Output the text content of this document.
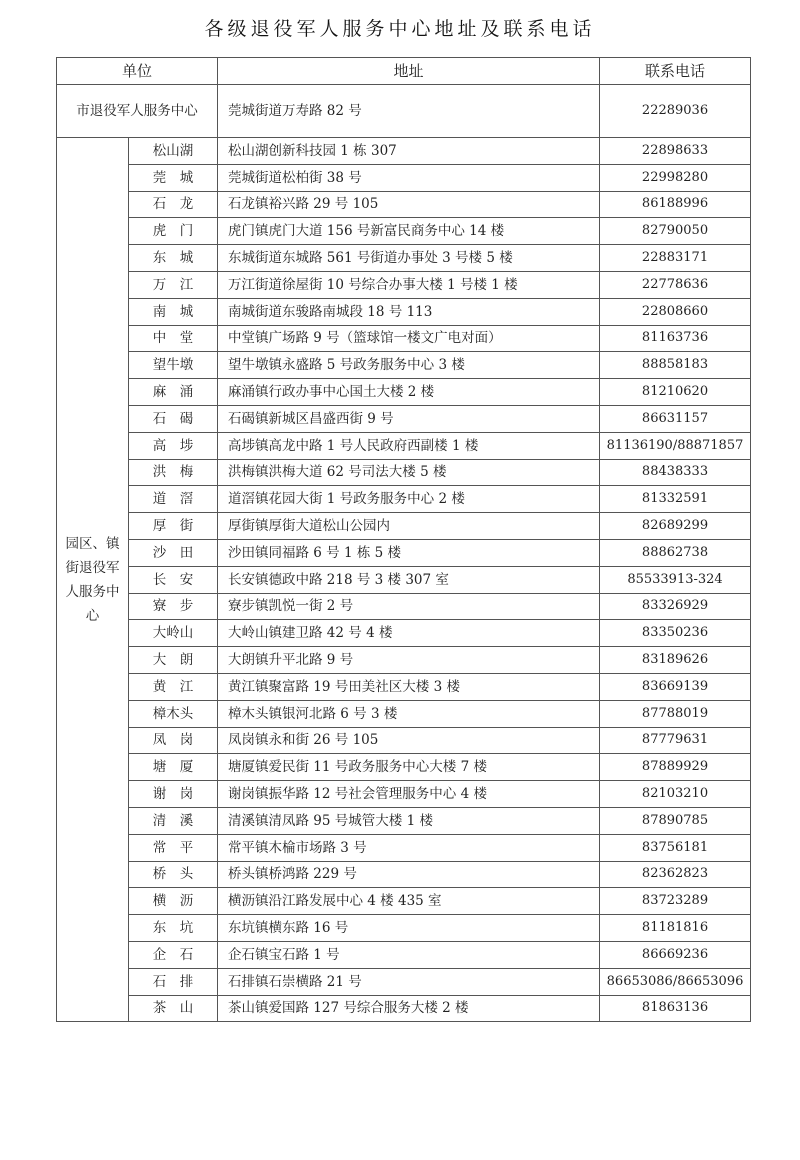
各级退役军人服务中心地址及联系电话
单位		地址	联系电话
市退役军人服务中心		莞城街道万寿路 82 号	22289036
园区、镇街退役军人服务中心	松山湖	松山湖创新科技园 1 栋 307	22898633
	莞　城	莞城街道松柏街 38 号	22998280
	石　龙	石龙镇裕兴路 29 号 105	86188996
	虎　门	虎门镇虎门大道 156 号新富民商务中心 14 楼	82790050
	东　城	东城街道东城路 561 号街道办事处 3 号楼 5 楼	22883171
	万　江	万江街道徐屋街 10 号综合办事大楼 1 号楼 1 楼	22778636
	南　城	南城街道东骏路南城段 18 号 113	22808660
	中　堂	中堂镇广场路 9 号（篮球馆一楼文广电对面）	81163736
	望牛墩	望牛墩镇永盛路 5 号政务服务中心 3 楼	88858183
	麻　涌	麻涌镇行政办事中心国土大楼 2 楼	81210620
	石　碣	石碣镇新城区昌盛西街 9 号	86631157
	高　埗	高埗镇高龙中路 1 号人民政府西副楼 1 楼	81136190/88871857
	洪　梅	洪梅镇洪梅大道 62 号司法大楼 5 楼	88438333
	道　滘	道滘镇花园大街 1 号政务服务中心 2 楼	81332591
	厚　街	厚街镇厚街大道松山公园内	82689299
	沙　田	沙田镇同福路 6 号 1 栋 5 楼	88862738
	长　安	长安镇德政中路 218 号 3 楼 307 室	85533913-324
	寮　步	寮步镇凯悦一街 2 号	83326929
	大岭山	大岭山镇建卫路 42 号 4 楼	83350236
	大　朗	大朗镇升平北路 9 号	83189626
	黄　江	黄江镇聚富路 19 号田美社区大楼 3 楼	83669139
	樟木头	樟木头镇银河北路 6 号 3 楼	87788019
	凤　岗	凤岗镇永和街 26 号 105	87779631
	塘　厦	塘厦镇爱民街 11 号政务服务中心大楼 7 楼	87889929
	谢　岗	谢岗镇振华路 12 号社会管理服务中心 4 楼	82103210
	清　溪	清溪镇清凤路 95 号城管大楼 1 楼	87890785
	常　平	常平镇木棆市场路 3 号	83756181
	桥　头	桥头镇桥鸿路 229 号	82362823
	横　沥	横沥镇沿江路发展中心 4 楼 435 室	83723289
	东　坑	东坑镇横东路 16 号	81181816
	企　石	企石镇宝石路 1 号	86669236
	石　排	石排镇石崇横路 21 号	86653086/86653096
	茶　山	茶山镇爱国路 127 号综合服务大楼 2 楼	81863136
